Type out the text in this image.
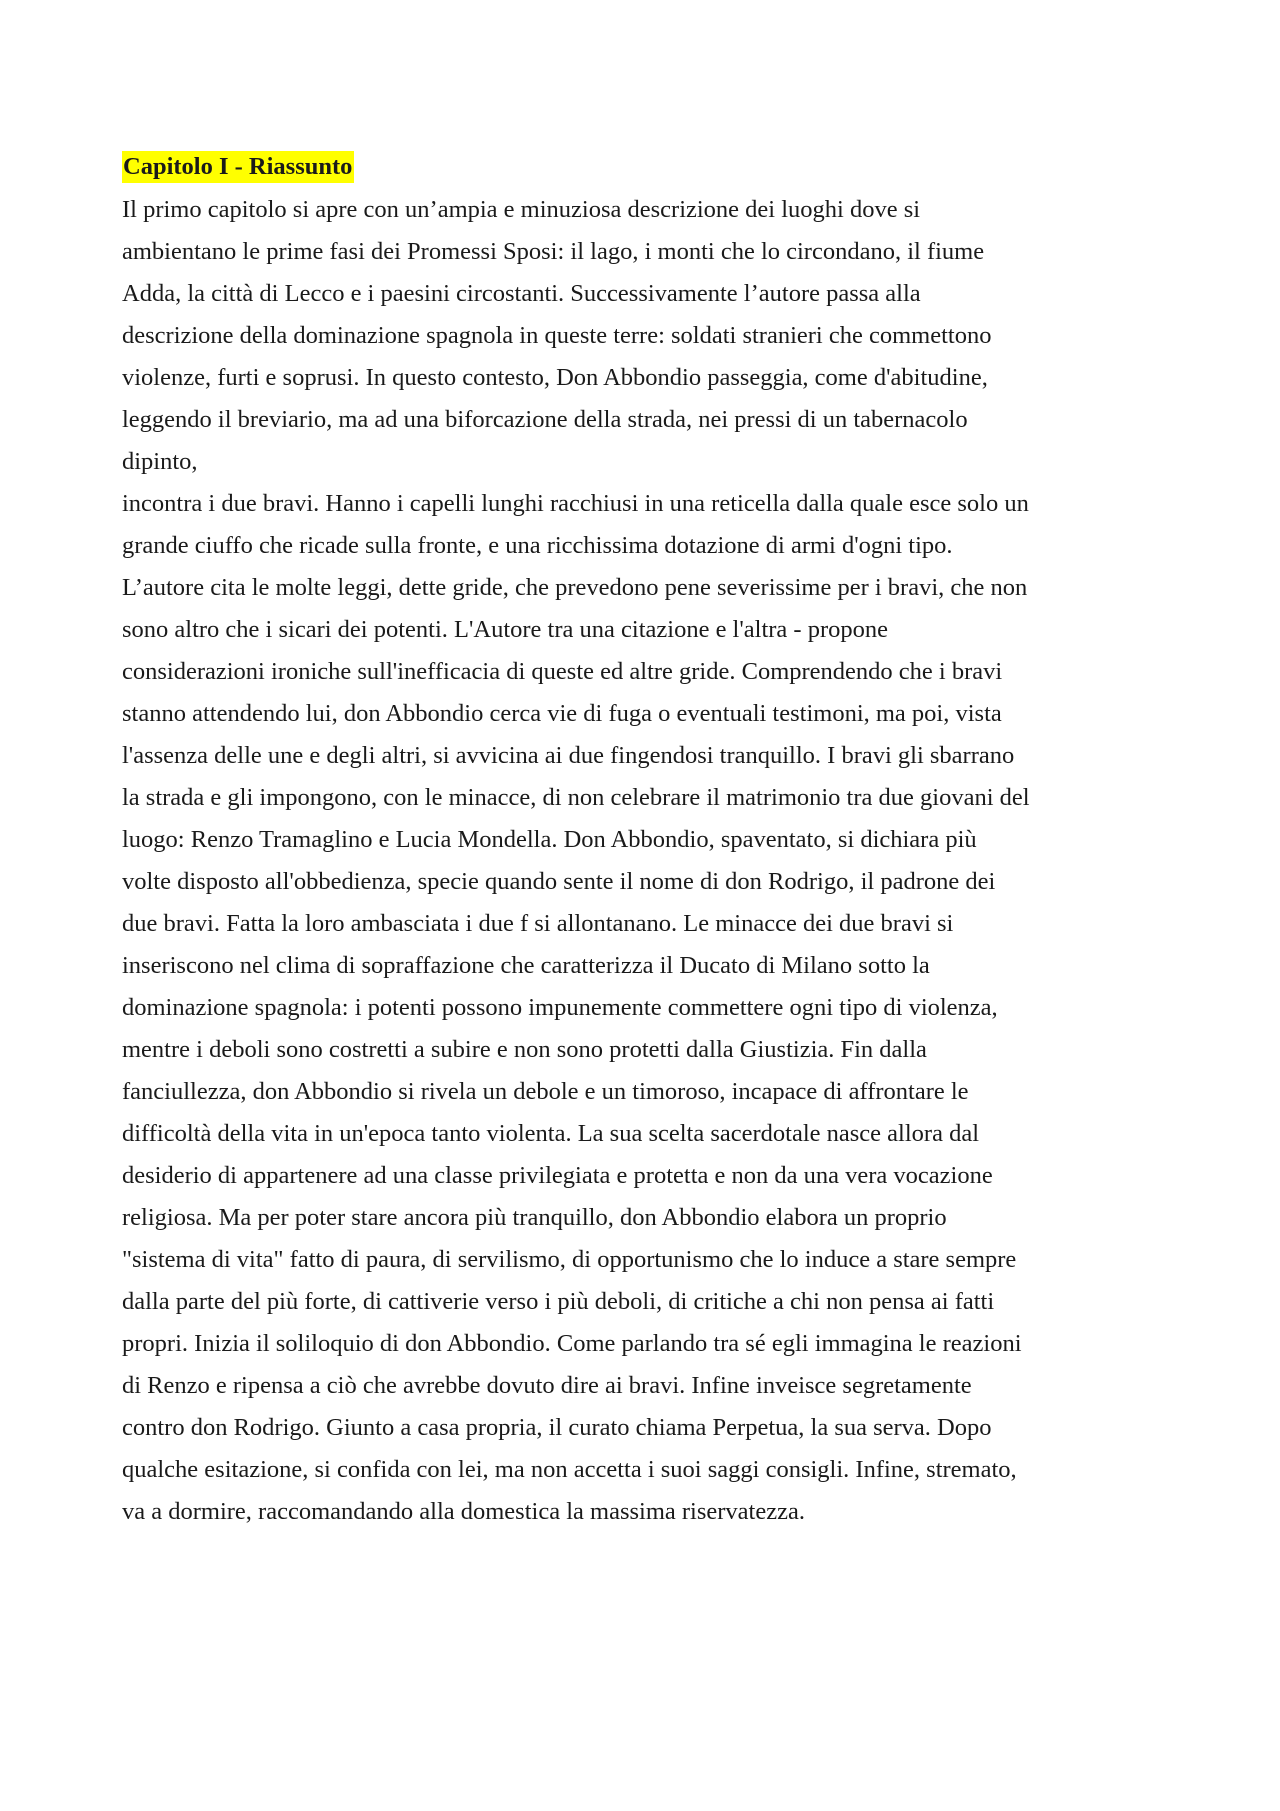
Capitolo I - Riassunto
Il primo capitolo si apre con un’ampia e minuziosa descrizione dei luoghi dove si
ambientano le prime fasi dei Promessi Sposi: il lago, i monti che lo circondano, il fiume
Adda, la città di Lecco e i paesini circostanti. Successivamente l’autore passa alla
descrizione della dominazione spagnola in queste terre: soldati stranieri che commettono
violenze, furti e soprusi. In questo contesto, Don Abbondio passeggia, come d'abitudine,
leggendo il breviario, ma ad una biforcazione della strada, nei pressi di un tabernacolo
dipinto,
incontra i due bravi. Hanno i capelli lunghi racchiusi in una reticella dalla quale esce solo un
grande ciuffo che ricade sulla fronte, e una ricchissima dotazione di armi d'ogni tipo.
L’autore cita le molte leggi, dette gride, che prevedono pene severissime per i bravi, che non
sono altro che i sicari dei potenti. L'Autore tra una citazione e l'altra - propone
considerazioni ironiche sull'inefficacia di queste ed altre gride. Comprendendo che i bravi
stanno attendendo lui, don Abbondio cerca vie di fuga o eventuali testimoni, ma poi, vista
l'assenza delle une e degli altri, si avvicina ai due fingendosi tranquillo. I bravi gli sbarrano
la strada e gli impongono, con le minacce, di non celebrare il matrimonio tra due giovani del
luogo: Renzo Tramaglino e Lucia Mondella. Don Abbondio, spaventato, si dichiara più
volte disposto all'obbedienza, specie quando sente il nome di don Rodrigo, il padrone dei
due bravi. Fatta la loro ambasciata i due f si allontanano. Le minacce dei due bravi si
inseriscono nel clima di sopraffazione che caratterizza il Ducato di Milano sotto la
dominazione spagnola: i potenti possono impunemente commettere ogni tipo di violenza,
mentre i deboli sono costretti a subire e non sono protetti dalla Giustizia. Fin dalla
fanciullezza, don Abbondio si rivela un debole e un timoroso, incapace di affrontare le
difficoltà della vita in un'epoca tanto violenta. La sua scelta sacerdotale nasce allora dal
desiderio di appartenere ad una classe privilegiata e protetta e non da una vera vocazione
religiosa. Ma per poter stare ancora più tranquillo, don Abbondio elabora un proprio
"sistema di vita" fatto di paura, di servilismo, di opportunismo che lo induce a stare sempre
dalla parte del più forte, di cattiverie verso i più deboli, di critiche a chi non pensa ai fatti
propri. Inizia il soliloquio di don Abbondio. Come parlando tra sé egli immagina le reazioni
di Renzo e ripensa a ciò che avrebbe dovuto dire ai bravi. Infine inveisce segretamente
contro don Rodrigo. Giunto a casa propria, il curato chiama Perpetua, la sua serva. Dopo
qualche esitazione, si confida con lei, ma non accetta i suoi saggi consigli. Infine, stremato,
va a dormire, raccomandando alla domestica la massima riservatezza.
